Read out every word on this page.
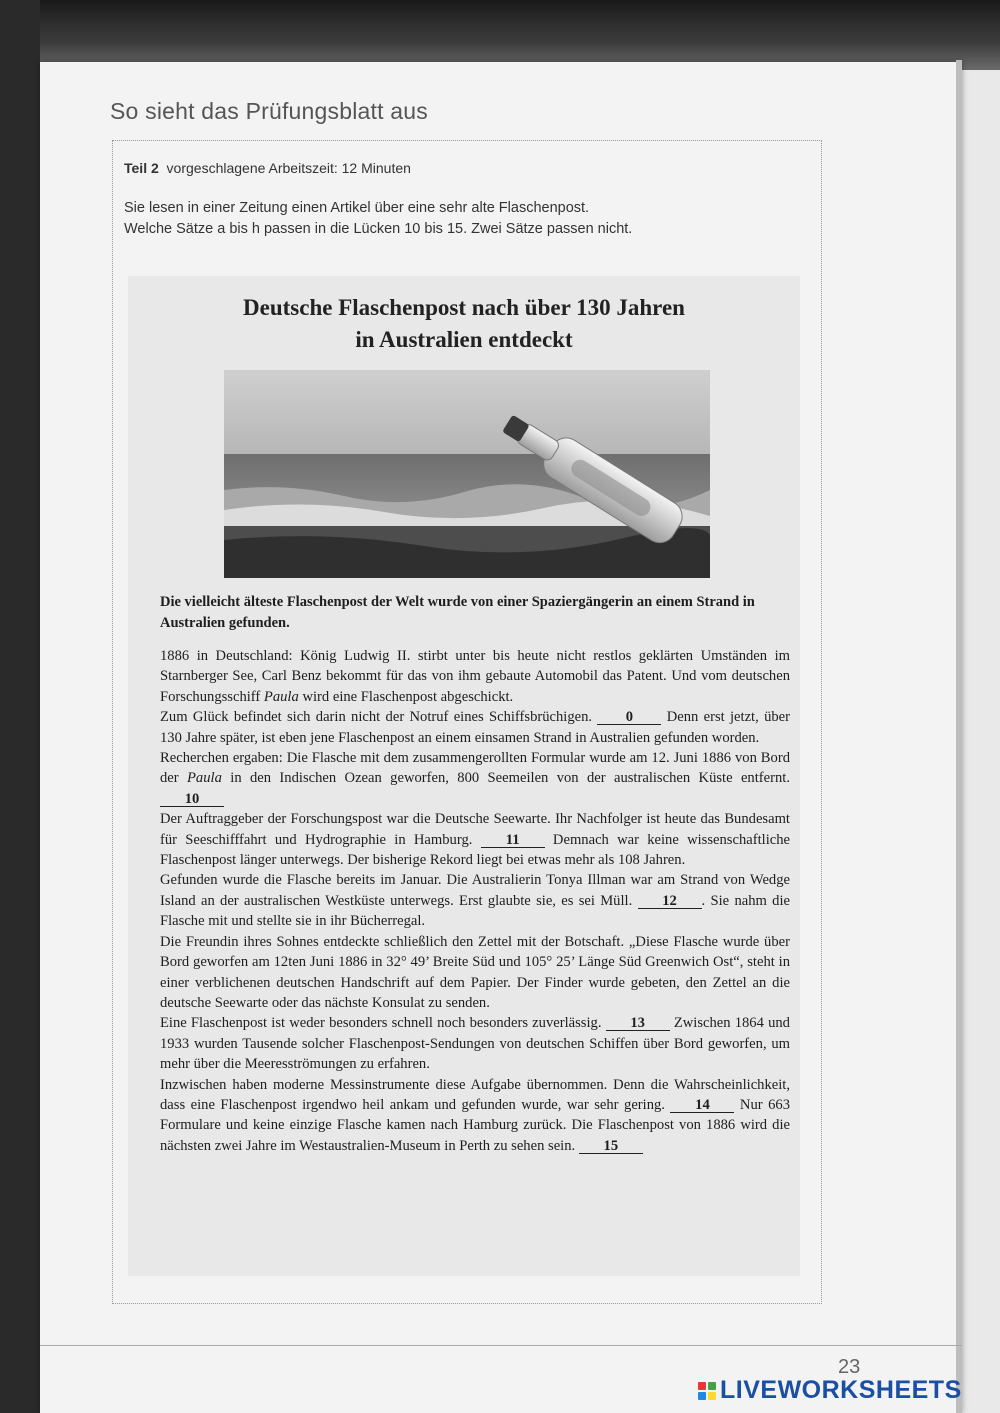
So sieht das Prüfungsblatt aus
Teil 2 vorgeschlagene Arbeitszeit: 12 Minuten
Sie lesen in einer Zeitung einen Artikel über eine sehr alte Flaschenpost.
Welche Sätze a bis h passen in die Lücken 10 bis 15. Zwei Sätze passen nicht.
Deutsche Flaschenpost nach über 130 Jahren
in Australien entdeckt
Die vielleicht älteste Flaschenpost der Welt wurde von einer Spaziergängerin an einem Strand in Australien gefunden.

1886 in Deutschland: König Ludwig II. stirbt unter bis heute nicht restlos geklärten Umständen im Starnberger See, Carl Benz bekommt für das von ihm gebaute Automobil das Patent. Und vom deutschen Forschungsschiff Paula wird eine Flaschenpost abgeschickt.

Zum Glück befindet sich darin nicht der Notruf eines Schiffsbrüchigen. 0 Denn erst jetzt, über 130 Jahre später, ist eben jene Flaschenpost an einem einsamen Strand in Australien gefunden worden.

Recherchen ergaben: Die Flasche mit dem zusammengerollten Formular wurde am 12. Juni 1886 von Bord der Paula in den Indischen Ozean geworfen, 800 Seemeilen von der australischen Küste entfernt. 10

Der Auftraggeber der Forschungspost war die Deutsche Seewarte. Ihr Nachfolger ist heute das Bundesamt für Seeschifffahrt und Hydrographie in Hamburg. 11 Demnach war keine wissenschaftliche Flaschenpost länger unterwegs. Der bisherige Rekord liegt bei etwas mehr als 108 Jahren.

Gefunden wurde die Flasche bereits im Januar. Die Australierin Tonya Illman war am Strand von Wedge Island an der australischen Westküste unterwegs. Erst glaubte sie, es sei Müll. 12 . Sie nahm die Flasche mit und stellte sie in ihr Bücherregal.

Die Freundin ihres Sohnes entdeckte schließlich den Zettel mit der Botschaft. „Diese Flasche wurde über Bord geworfen am 12ten Juni 1886 in 32° 49’ Breite Süd und 105° 25’ Länge Süd Greenwich Ost“, steht in einer verblichenen deutschen Handschrift auf dem Papier. Der Finder wurde gebeten, den Zettel an die deutsche Seewarte oder das nächste Konsulat zu senden.

Eine Flaschenpost ist weder besonders schnell noch besonders zuverlässig. 13 Zwischen 1864 und 1933 wurden Tausende solcher Flaschenpost-Sendungen von deutschen Schiffen über Bord geworfen, um mehr über die Meeresströmungen zu erfahren.

Inzwischen haben moderne Messinstrumente diese Aufgabe übernommen. Denn die Wahrscheinlichkeit, dass eine Flaschenpost irgendwo heil ankam und gefunden wurde, war sehr gering. 14 Nur 663 Formulare und keine einzige Flasche kamen nach Hamburg zurück. Die Flaschenpost von 1886 wird die nächsten zwei Jahre im Westaustralien-Museum in Perth zu sehen sein. 15

23
LIVEWORKSHEETS
